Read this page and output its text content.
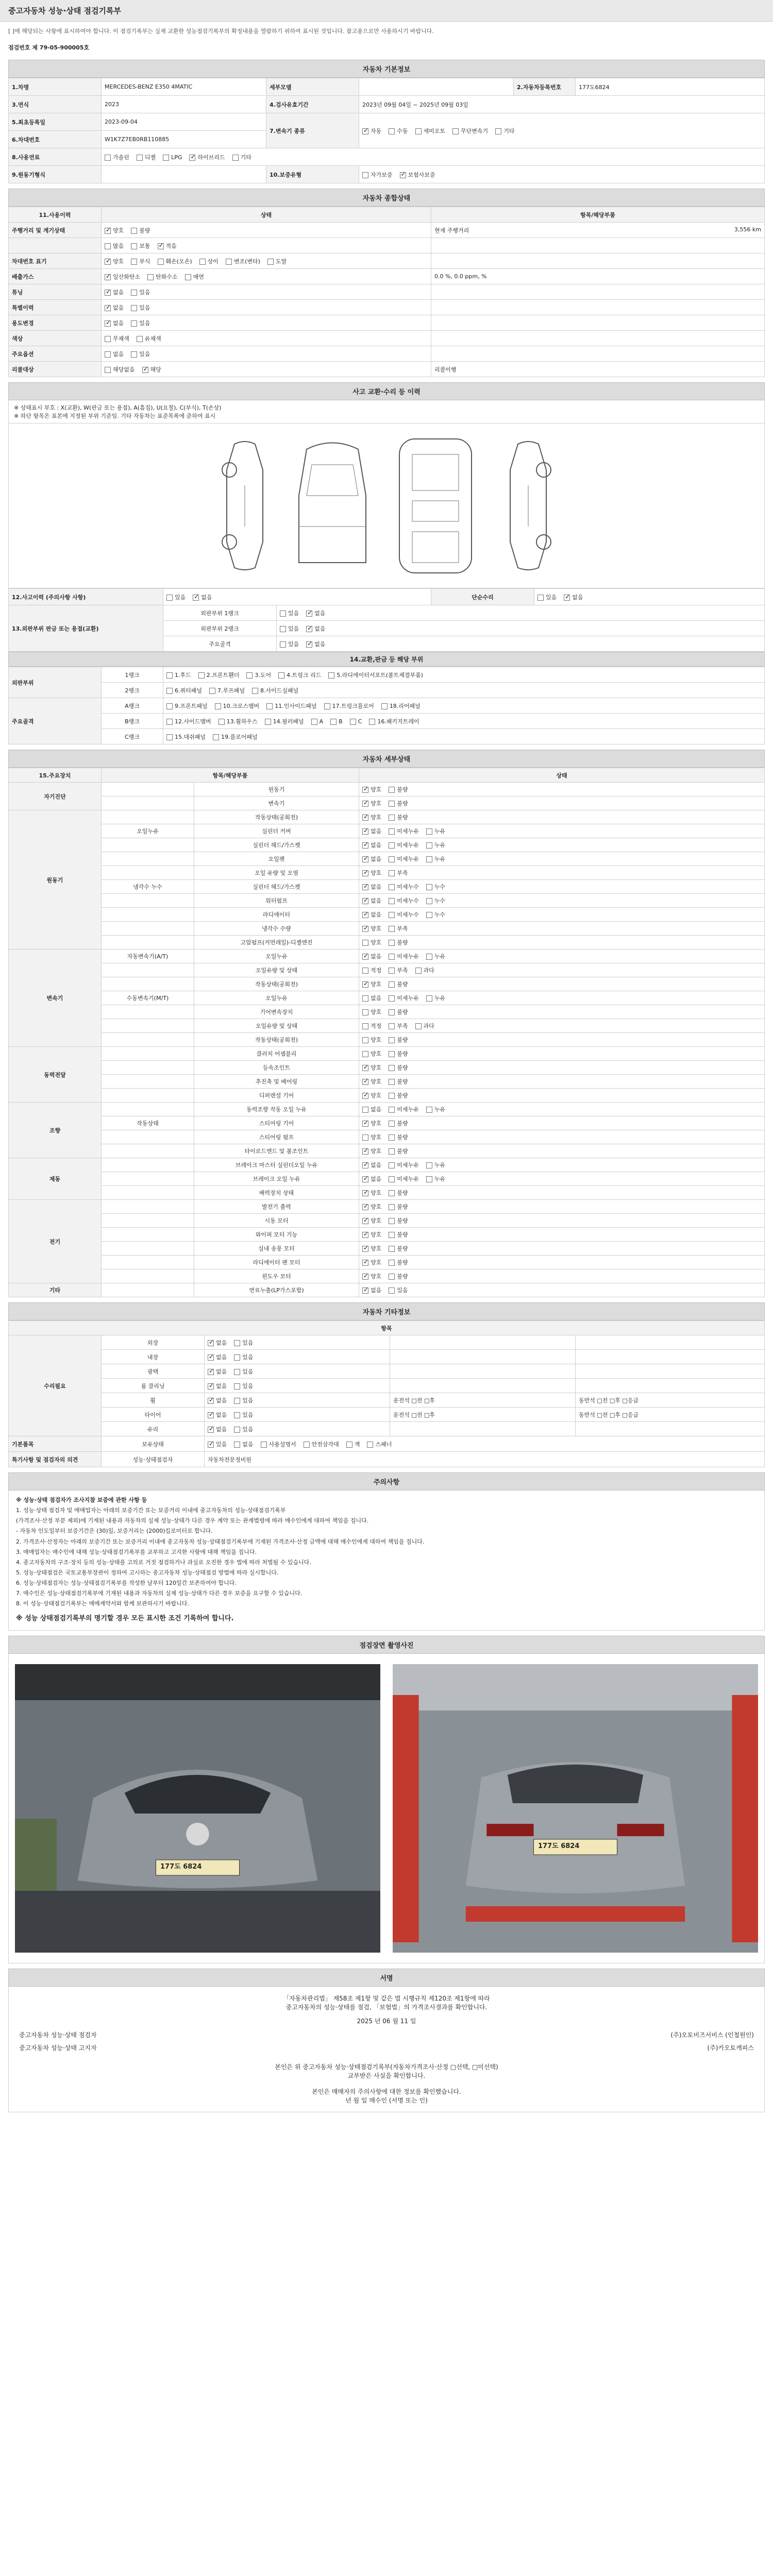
중고자동차 성능·상태 점검기록부
[ ]에 해당되는 사항에 표시하여야 합니다. 이 점검기록부는 실제 교환한 성능점검기록부의 확정내용을 열람하기 위하여 표시된 것입니다. 참고용으로만 사용하시기 바랍니다.
점검번호 제 79-05-900005호
자동차 기본정보
1.차명	MERCEDES-BENZ E350 4MATIC	세부모델		2.자동차등록번호	177도6824
3.연식	2023	4.검사유효기간	2023년 09월 04일 ~ 2025년 09월 03일		
5.최초등록일	2023-09-04	7.변속기 종류	✓자동 수동 세미오토 무단변속기 기타
6.차대번호	W1K7Z7EB0RB110885				
8.사용연료	가솔린 디젤 LPG ✓ 하이브리드 기타
9.원동기형식		10.보증유형	자가보증 ✓ 보험사보증
자동차 종합상태
11.사용이력	상태	항목/해당부품
주행거리 및 계기상태	✓양호 불량	현재 주행거리 3,556 km

	많음 보통 ✓ 적음	

차대번호 표기	✓양호 부식 훼손(오손) 상이 변조(변타) 도말	

배출가스	✓일산화탄소 탄화수소 매연	0.0 %, 0.0 ppm, %

튜닝	✓없음 있음	

특별이력	✓없음 있음	

용도변경	✓없음 있음	

색상	무채색 유채색	

주요옵션	없음 있음	

리콜대상	해당없음 ✓ 해당	리콜이행
사고 교환·수리 등 이력
※ 상태표시 부호 : X(교환), W(판금 또는 용접), A(흠집), U(요철), C(부식), T(손상)
※ 하단 항목은 표본에 지정된 부위 기준임. 기타 자동차는 표준목록에 준하여 표시
12.사고이력 (주의사항 사항)	있음 ✓ 없음		단순수리	있음 ✓ 없음
13.외판부위 판금 또는 용접(교환)	외판부위 1랭크	있음 ✓ 없음
	외판부위 2랭크	있음 ✓ 없음
	주요골격	있음 ✓ 없음
14.교환,판금 등 해당 부위
외판부위	1랭크	1.후드 2.프론트휀더 3.도어 4.트렁크 리드 5.라디에이터서포트(볼트체결부품)
	2랭크	6.쿼터패널 7.루프패널 8.사이드실패널
주요골격	A랭크	9.프론트패널 10.크로스멤버 11.인사이드패널 17.트렁크플로어 18.리어패널
	B랭크	12.사이드멤버 13.휠하우스 14.필러패널 A B C 16.패키지트레이
	C랭크	15.대쉬패널 19.플로어패널
자동차 세부상태
15.주요장치	항목/해당부품		상태
자기진단		원동기	✓양호 불량
		변속기	✓양호 불량
원동기		작동상태(공회전)	✓양호 불량
	오일누유	실린더 커버	✓없음 미세누유 누유
		실린더 헤드/가스켓	✓없음 미세누유 누유
		오일팬	✓없음 미세누유 누유
		오일 유량 및 오염	✓양호 부족
	냉각수 누수	실린더 헤드/가스켓	✓없음 미세누수 누수
		워터펌프	✓없음 미세누수 누수
		라디에이터	✓없음 미세누수 누수
		냉각수 수량	✓양호 부족
		고압펌프(커먼레일)-디젤엔진	양호 불량
변속기	자동변속기(A/T)	오일누유	✓없음 미세누유 누유
		오일유량 및 상태	적정 부족 과다
		작동상태(공회전)	✓양호 불량
	수동변속기(M/T)	오일누유	없음 미세누유 누유
		기어변속장치	양호 불량
		오일유량 및 상태	적정 부족 과다
		작동상태(공회전)	양호 불량
동력전달		클러치 어셈블리	양호 불량
		등속조인트	✓양호 불량
		추진축 및 베어링	✓양호 불량
		디퍼렌셜 기어	✓양호 불량
조향		동력조향 작동 오일 누유	없음 미세누유 누유
	작동상태	스티어링 기어	✓양호 불량
		스티어링 펌프	양호 불량
		타이로드엔드 및 볼조인트	✓양호 불량
제동		브레이크 마스터 실린더오일 누유	✓없음 미세누유 누유
		브레이크 오일 누유	✓없음 미세누유 누유
		배력장치 상태	✓양호 불량
전기		발전기 출력	✓양호 불량
		시동 모터	✓양호 불량
		와이퍼 모터 기능	✓양호 불량
		실내 송풍 모터	✓양호 불량
		라디에이터 팬 모터	✓양호 불량
		윈도우 모터	✓양호 불량
기타		연료누출(LP가스포함)	✓없음 있음
자동차 기타정보
항목				
수리필요	외장	✓없음 있음		
	내장	✓없음 있음		
	광택	✓없음 있음		
	룸 클리닝	✓없음 있음		
	휠	✓없음 있음	운전석 □전 □후	동반석 □전 □후 □응급
	타이어	✓없음 있음	운전석 □전 □후	동반석 □전 □후 □응급
	유리	✓없음 있음		
기본품목	보유상태	✓있음 없음 사용설명서 안전삼각대 잭 스패너
특기사항 및 점검자의 의견	성능·상태점검자	자동차전문정비원		
주의사항

※ 성능·상태 점검자가 조사지참 보증에 관한 사항 등

1. 성능·상태 점검자 및 매매업자는 아래의 보증기간 또는 보증거리 이내에 중고자동차의 성능·상태점검기록부

(가격조사·산정 부분 제외)에 기재된 내용과 자동차의 실제 성능·상태가 다른 경우 계약 또는 관계법령에 따라 매수인에게 대하여 책임을 집니다.

- 자동차 인도일부터 보증기간은 (30)일, 보증거리는 (2000)킬로미터로 합니다.

2. 가격조사·산정자는 아래의 보증기간 또는 보증거리 이내에 중고자동차 성능·상태점검기록부에 기재된 가격조사·산정 금액에 대해 매수인에게 대하여 책임을 집니다.

3. 매매업자는 매수인에 대해 성능·상태점검기록부를 교부하고 고지한 사항에 대해 책임을 집니다.

4. 중고자동차의 구조·장치 등의 성능·상태를 고의로 거짓 점검하거나 과실로 오진한 경우 법에 따라 처벌될 수 있습니다.

5. 성능·상태점검은 국토교통부장관이 정하여 고시하는 중고자동차 성능·상태점검 방법에 따라 실시합니다.

6. 성능·상태점검자는 성능·상태점검기록부를 작성한 날부터 120일간 보존하여야 합니다.

7. 매수인은 성능·상태점검기록부에 기재된 내용과 자동차의 실제 성능·상태가 다른 경우 보증을 요구할 수 있습니다.

8. 이 성능·상태점검기록부는 매매계약서와 함께 보관하시기 바랍니다.

※ 성능 상태점검기록부의 명기할 경우 모든 표시한 조건 기록하여 합니다.

점검장면 촬영사진
177도 6824
177도 6824
서명
「자동차관리법」 제58조 제1항 및 같은 법 시행규칙 제120조 제1항에 따라
중고자동차의 성능·상태를 점검, 「보험법」의 가격조사결과를 확인합니다.
2025 년 06 월 11 일
중고자동차 성능·상태 점검자	(주)오토비즈서비스 (인철원인)
중고자동차 성능·상태 고지자	(주)카오토캐피스
본인은 위 중고자동차 성능·상태점검기록부(자동차가격조사·산정 □선택, □미선택)
교부받은 사실을 확인합니다.
본인은 매매자의 주의사항에 대한 정보를 확인했습니다.
년 월 일 매수인 (서명 또는 인)
